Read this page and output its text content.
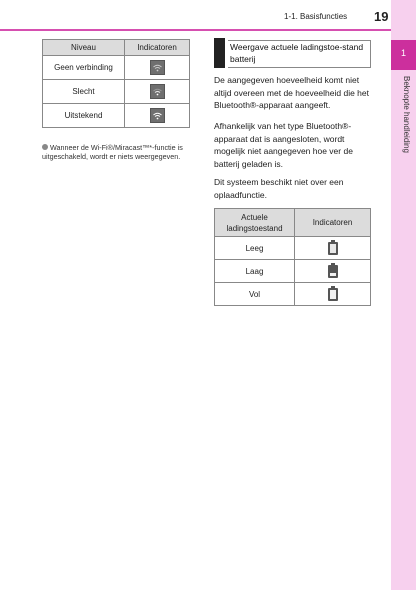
1-1. Basisfuncties 19
1
Beknopte handleiding
Niveau	Indicatoren
Geen verbinding	

Slecht	

Uitstekend	
Wanneer de Wi-Fi®/Miracast™*-functie is uitgeschakeld, wordt er niets weergegeven.
Weergave actuele ladingstoe-stand batterij
De aangegeven hoeveelheid komt niet altijd overeen met de hoeveelheid die het Bluetooth®-apparaat aangeeft.
Afhankelijk van het type Bluetooth®-apparaat dat is aangesloten, wordt mogelijk niet aangegeven hoe ver de batterij geladen is.
Dit systeem beschikt niet over een oplaadfunctie.
Actuele ladingstoestand	Indicatoren
Leeg	

Laag	

Vol	
